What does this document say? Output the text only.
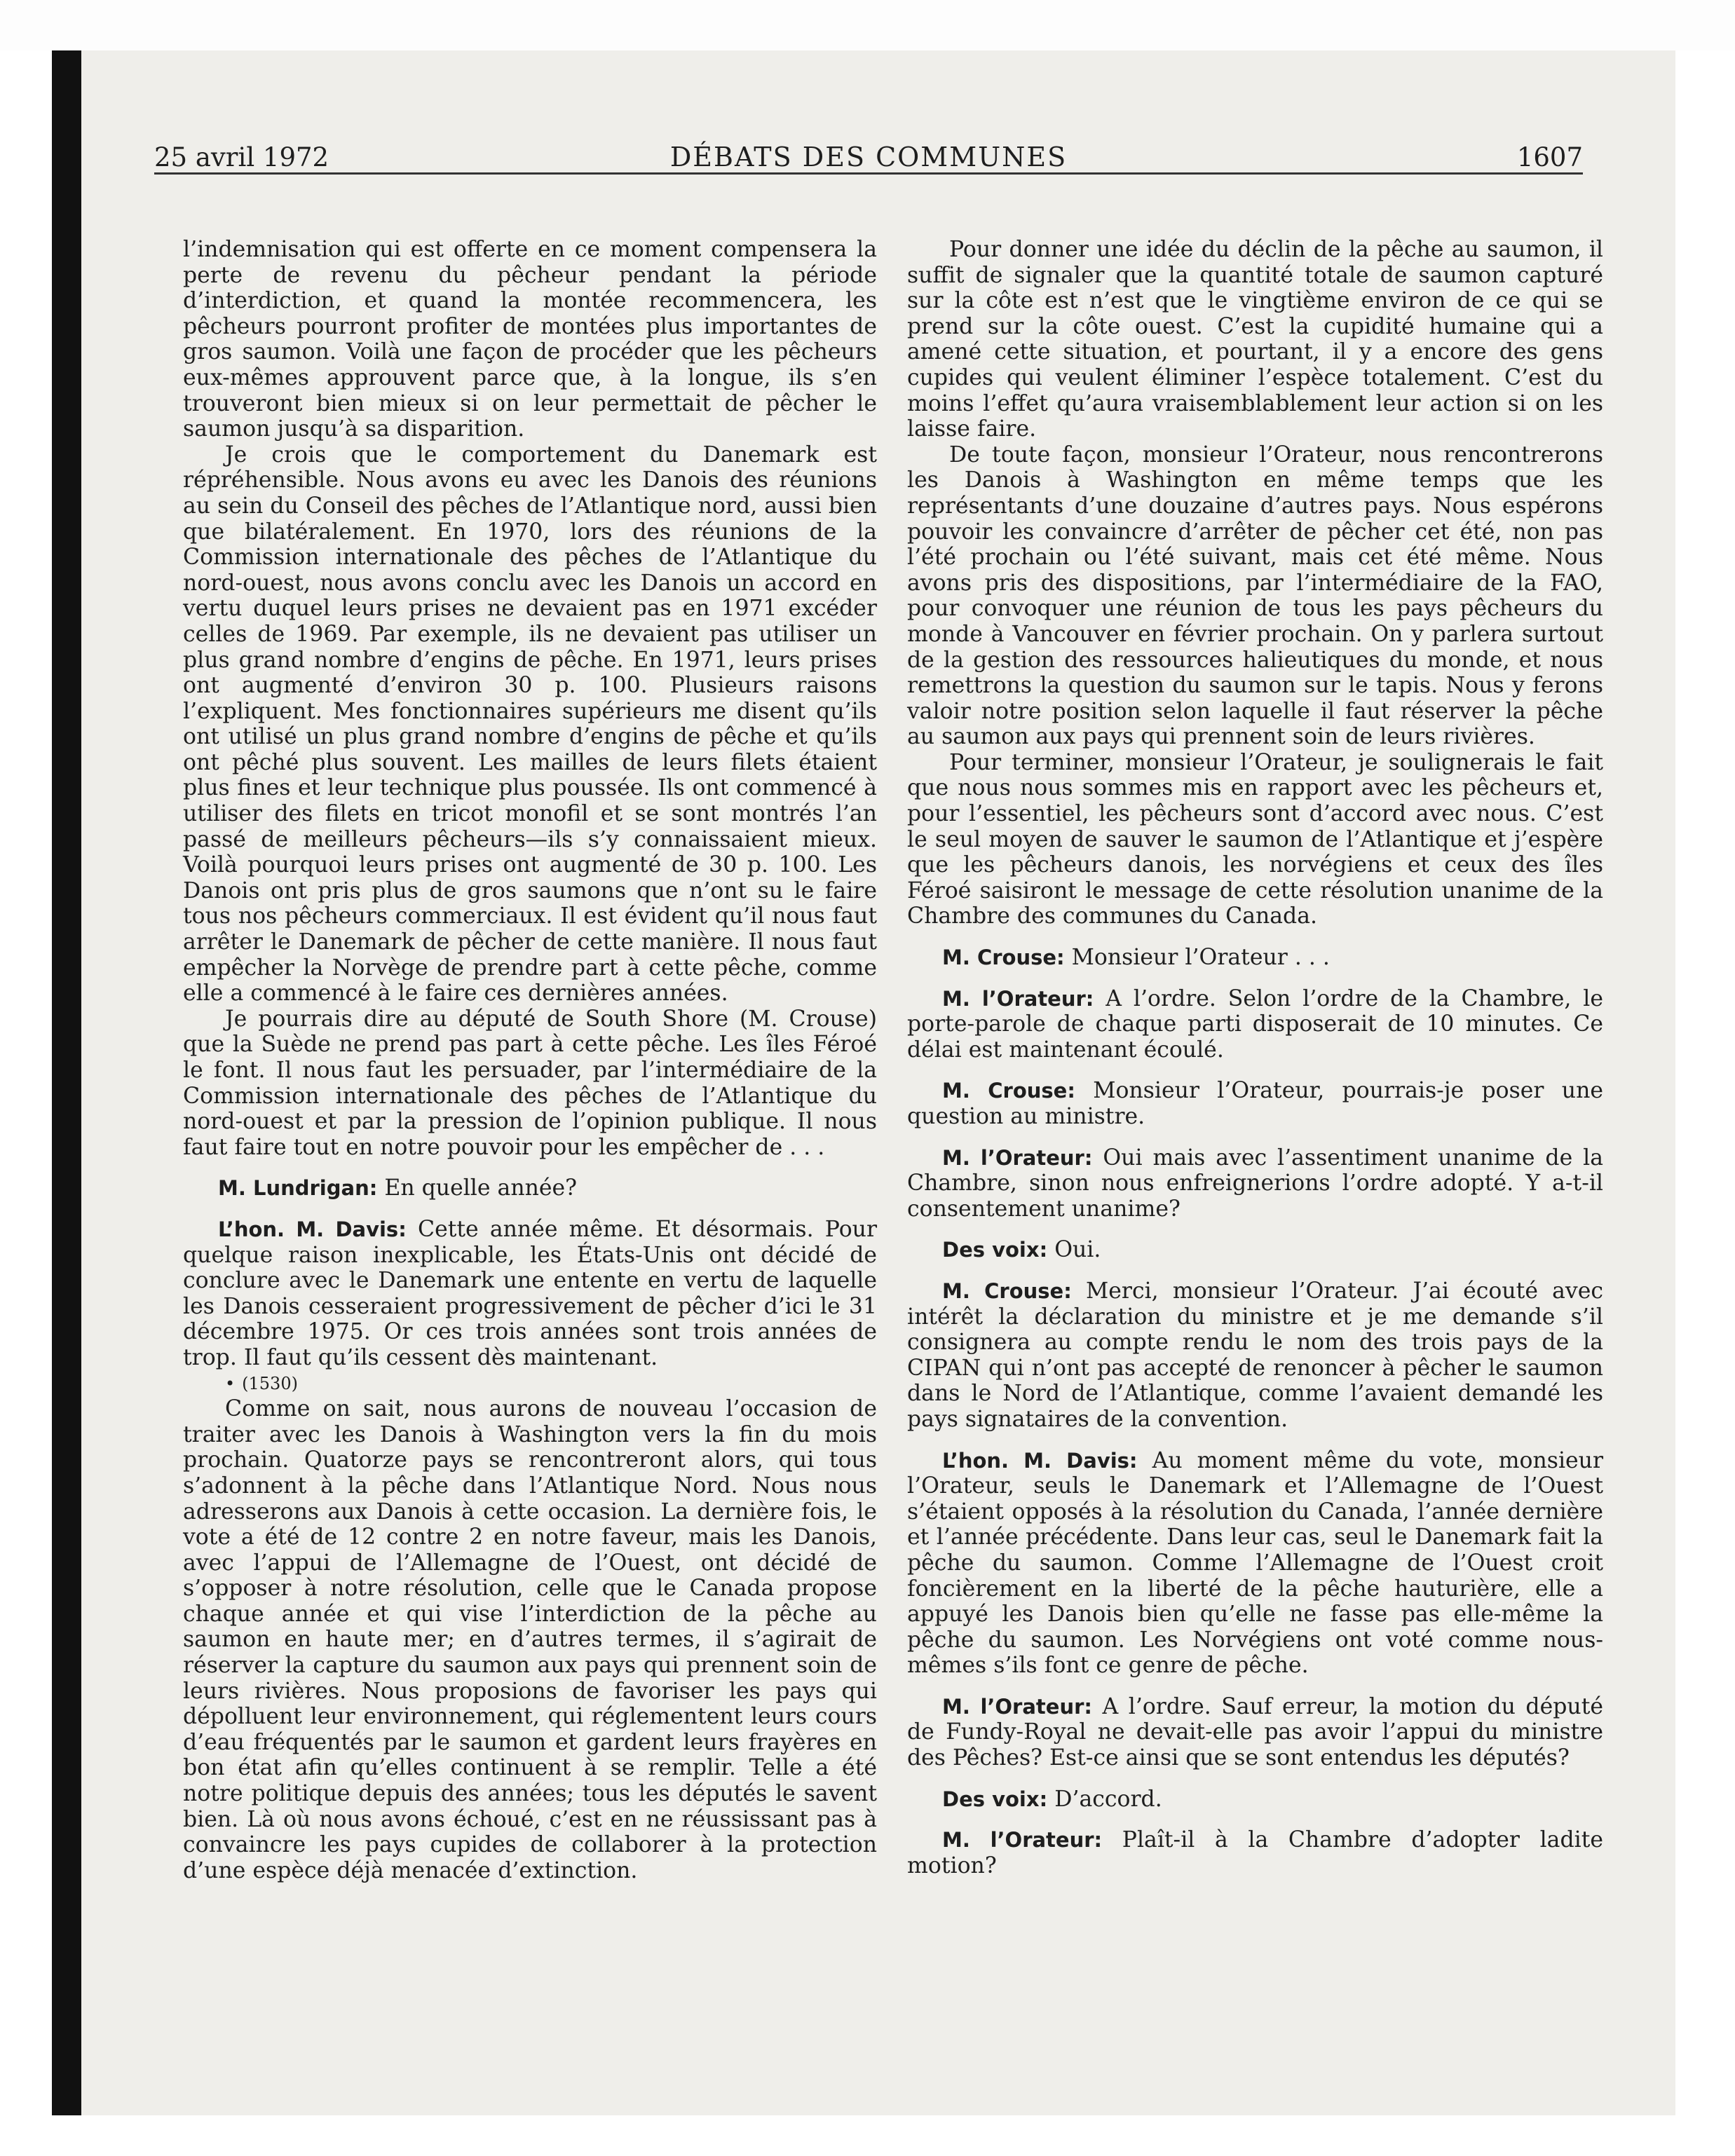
25 avril 1972	DÉBATS DES COMMUNES	1607

l’indemnisation qui est offerte en ce moment compensera la perte de revenu du pêcheur pendant la période d’interdiction, et quand la montée recommencera, les pêcheurs pourront profiter de montées plus importantes de gros saumon. Voilà une façon de procéder que les pêcheurs eux-mêmes approuvent parce que, à la longue, ils s’en trouveront bien mieux si on leur permettait de pêcher le saumon jusqu’à sa disparition.

Je crois que le comportement du Danemark est répréhensible. Nous avons eu avec les Danois des réunions au sein du Conseil des pêches de l’Atlantique nord, aussi bien que bilatéralement. En 1970, lors des réunions de la Commission internationale des pêches de l’Atlantique du nord-ouest, nous avons conclu avec les Danois un accord en vertu duquel leurs prises ne devaient pas en 1971 excéder celles de 1969. Par exemple, ils ne devaient pas utiliser un plus grand nombre d’engins de pêche. En 1971, leurs prises ont augmenté d’environ 30 p. 100. Plusieurs raisons l’expliquent. Mes fonctionnaires supérieurs me disent qu’ils ont utilisé un plus grand nombre d’engins de pêche et qu’ils ont pêché plus souvent. Les mailles de leurs filets étaient plus fines et leur technique plus poussée. Ils ont commencé à utiliser des filets en tricot monofil et se sont montrés l’an passé de meilleurs pêcheurs—ils s’y connaissaient mieux. Voilà pourquoi leurs prises ont augmenté de 30 p. 100. Les Danois ont pris plus de gros saumons que n’ont su le faire tous nos pêcheurs commerciaux. Il est évident qu’il nous faut arrêter le Danemark de pêcher de cette manière. Il nous faut empêcher la Norvège de prendre part à cette pêche, comme elle a commencé à le faire ces dernières années.

Je pourrais dire au député de South Shore (M. Crouse) que la Suède ne prend pas part à cette pêche. Les îles Féroé le font. Il nous faut les persuader, par l’intermédiaire de la Commission internationale des pêches de l’Atlantique du nord-ouest et par la pression de l’opinion publique. Il nous faut faire tout en notre pouvoir pour les empêcher de . . .

M. Lundrigan: En quelle année?

L’hon. M. Davis: Cette année même. Et désormais. Pour quelque raison inexplicable, les États-Unis ont décidé de conclure avec le Danemark une entente en vertu de laquelle les Danois cesseraient progressivement de pêcher d’ici le 31 décembre 1975. Or ces trois années sont trois années de trop. Il faut qu’ils cessent dès maintenant.

• (1530)

Comme on sait, nous aurons de nouveau l’occasion de traiter avec les Danois à Washington vers la fin du mois prochain. Quatorze pays se rencontreront alors, qui tous s’adonnent à la pêche dans l’Atlantique Nord. Nous nous adresserons aux Danois à cette occasion. La dernière fois, le vote a été de 12 contre 2 en notre faveur, mais les Danois, avec l’appui de l’Allemagne de l’Ouest, ont décidé de s’opposer à notre résolution, celle que le Canada propose chaque année et qui vise l’interdiction de la pêche au saumon en haute mer; en d’autres termes, il s’agirait de réserver la capture du saumon aux pays qui prennent soin de leurs rivières. Nous proposions de favoriser les pays qui dépolluent leur environnement, qui réglementent leurs cours d’eau fréquentés par le saumon et gardent leurs frayères en bon état afin qu’elles continuent à se remplir. Telle a été notre politique depuis des années; tous les députés le savent bien. Là où nous avons échoué, c’est en ne réussissant pas à convaincre les pays cupides de collaborer à la protection d’une espèce déjà menacée d’extinction.

Pour donner une idée du déclin de la pêche au saumon, il suffit de signaler que la quantité totale de saumon capturé sur la côte est n’est que le vingtième environ de ce qui se prend sur la côte ouest. C’est la cupidité humaine qui a amené cette situation, et pourtant, il y a encore des gens cupides qui veulent éliminer l’espèce totalement. C’est du moins l’effet qu’aura vraisemblablement leur action si on les laisse faire.

De toute façon, monsieur l’Orateur, nous rencontrerons les Danois à Washington en même temps que les représentants d’une douzaine d’autres pays. Nous espérons pouvoir les convaincre d’arrêter de pêcher cet été, non pas l’été prochain ou l’été suivant, mais cet été même. Nous avons pris des dispositions, par l’intermédiaire de la FAO, pour convoquer une réunion de tous les pays pêcheurs du monde à Vancouver en février prochain. On y parlera surtout de la gestion des ressources halieutiques du monde, et nous remettrons la question du saumon sur le tapis. Nous y ferons valoir notre position selon laquelle il faut réserver la pêche au saumon aux pays qui prennent soin de leurs rivières.

Pour terminer, monsieur l’Orateur, je soulignerais le fait que nous nous sommes mis en rapport avec les pêcheurs et, pour l’essentiel, les pêcheurs sont d’accord avec nous. C’est le seul moyen de sauver le saumon de l’Atlantique et j’espère que les pêcheurs danois, les norvégiens et ceux des îles Féroé saisiront le message de cette résolution unanime de la Chambre des communes du Canada.

M. Crouse: Monsieur l’Orateur . . .

M. l’Orateur: A l’ordre. Selon l’ordre de la Chambre, le porte-parole de chaque parti disposerait de 10 minutes. Ce délai est maintenant écoulé.

M. Crouse: Monsieur l’Orateur, pourrais-je poser une question au ministre.

M. l’Orateur: Oui mais avec l’assentiment unanime de la Chambre, sinon nous enfreignerions l’ordre adopté. Y a-t-il consentement unanime?

Des voix: Oui.

M. Crouse: Merci, monsieur l’Orateur. J’ai écouté avec intérêt la déclaration du ministre et je me demande s’il consignera au compte rendu le nom des trois pays de la CIPAN qui n’ont pas accepté de renoncer à pêcher le saumon dans le Nord de l’Atlantique, comme l’avaient demandé les pays signataires de la convention.

L’hon. M. Davis: Au moment même du vote, monsieur l’Orateur, seuls le Danemark et l’Allemagne de l’Ouest s’étaient opposés à la résolution du Canada, l’année dernière et l’année précédente. Dans leur cas, seul le Danemark fait la pêche du saumon. Comme l’Allemagne de l’Ouest croit foncièrement en la liberté de la pêche hauturière, elle a appuyé les Danois bien qu’elle ne fasse pas elle-même la pêche du saumon. Les Norvégiens ont voté comme nous-mêmes s’ils font ce genre de pêche.

M. l’Orateur: A l’ordre. Sauf erreur, la motion du député de Fundy-Royal ne devait-elle pas avoir l’appui du ministre des Pêches? Est-ce ainsi que se sont entendus les députés?

Des voix: D’accord.

M. l’Orateur: Plaît-il à la Chambre d’adopter ladite motion?
